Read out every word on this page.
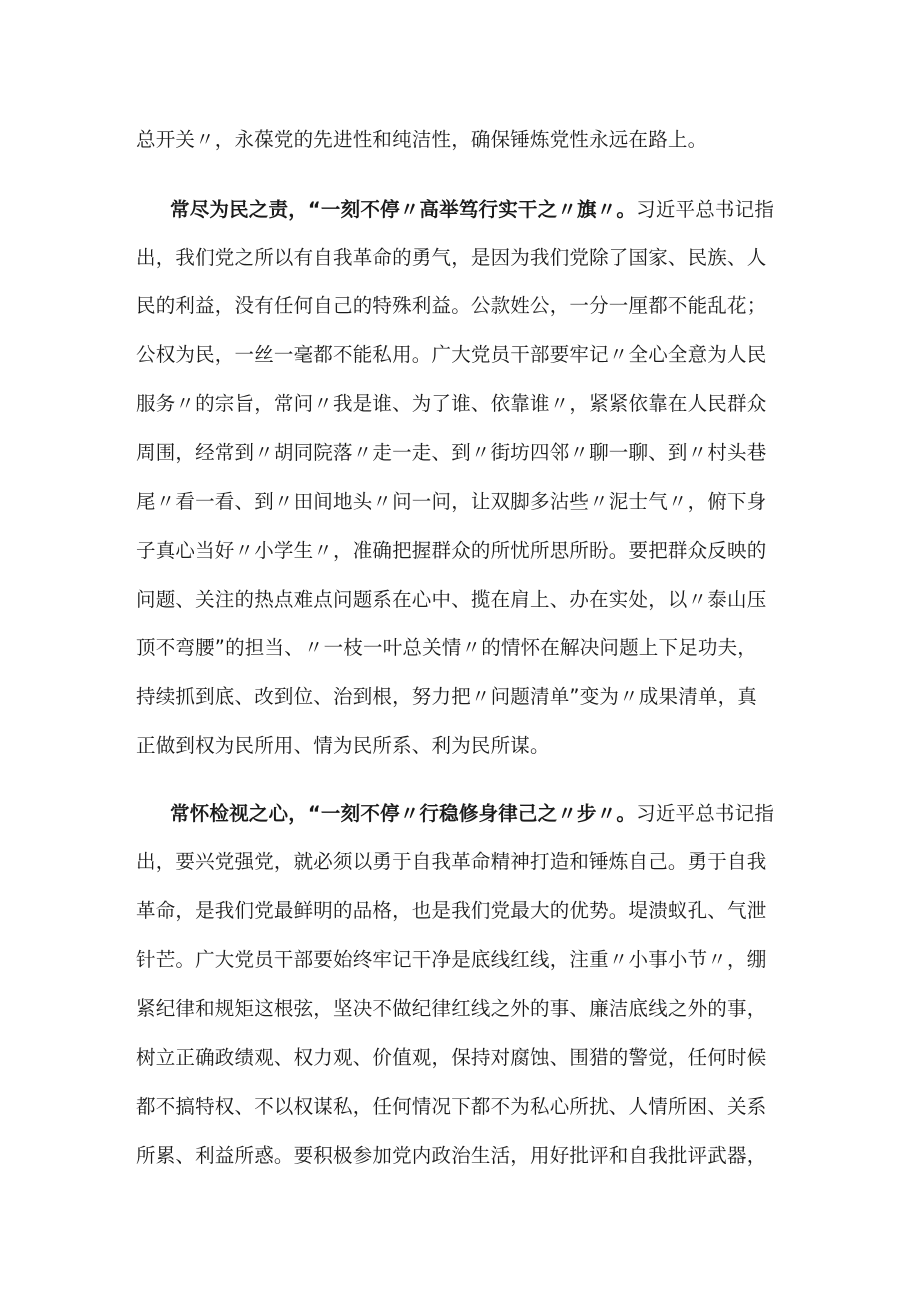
总开关〃，永葆党的先进性和纯洁性，确保锤炼党性永远在路上。
常尽为民之责，“一刻不停〃高举笃行实干之〃旗〃。习近平总书记指
出，我们党之所以有自我革命的勇气，是因为我们党除了国家、民族、人
民的利益，没有任何自己的特殊利益。公款姓公，一分一厘都不能乱花；
公权为民，一丝一毫都不能私用。广大党员干部要牢记〃全心全意为人民
服务〃的宗旨，常问〃我是谁、为了谁、依靠谁〃，紧紧依靠在人民群众
周围，经常到〃胡同院落〃走一走、到〃街坊四邻〃聊一聊、到〃村头巷
尾〃看一看、到〃田间地头〃问一问，让双脚多沾些〃泥士气〃，俯下身
子真心当好〃小学生〃，准确把握群众的所忧所思所盼。要把群众反映的
问题、关注的热点难点问题系在心中、揽在肩上、办在实处，以〃泰山压
顶不弯腰”的担当、〃一枝一叶总关情〃的情怀在解决问题上下足功夫，
持续抓到底、改到位、治到根，努力把〃问题清单”变为〃成果清单，真
正做到权为民所用、情为民所系、利为民所谋。
常怀检视之心，“一刻不停〃行稳修身律己之〃步〃。习近平总书记指
出，要兴党强党，就必须以勇于自我革命精神打造和锤炼自己。勇于自我
革命，是我们党最鲜明的品格，也是我们党最大的优势。堤溃蚁孔、气泄
针芒。广大党员干部要始终牢记干净是底线红线，注重〃小事小节〃，绷
紧纪律和规矩这根弦，坚决不做纪律红线之外的事、廉洁底线之外的事，
树立正确政绩观、权力观、价值观，保持对腐蚀、围猎的警觉，任何时候
都不搞特权、不以权谋私，任何情况下都不为私心所扰、人情所困、关系
所累、利益所惑。要积极参加党内政治生活，用好批评和自我批评武器，
